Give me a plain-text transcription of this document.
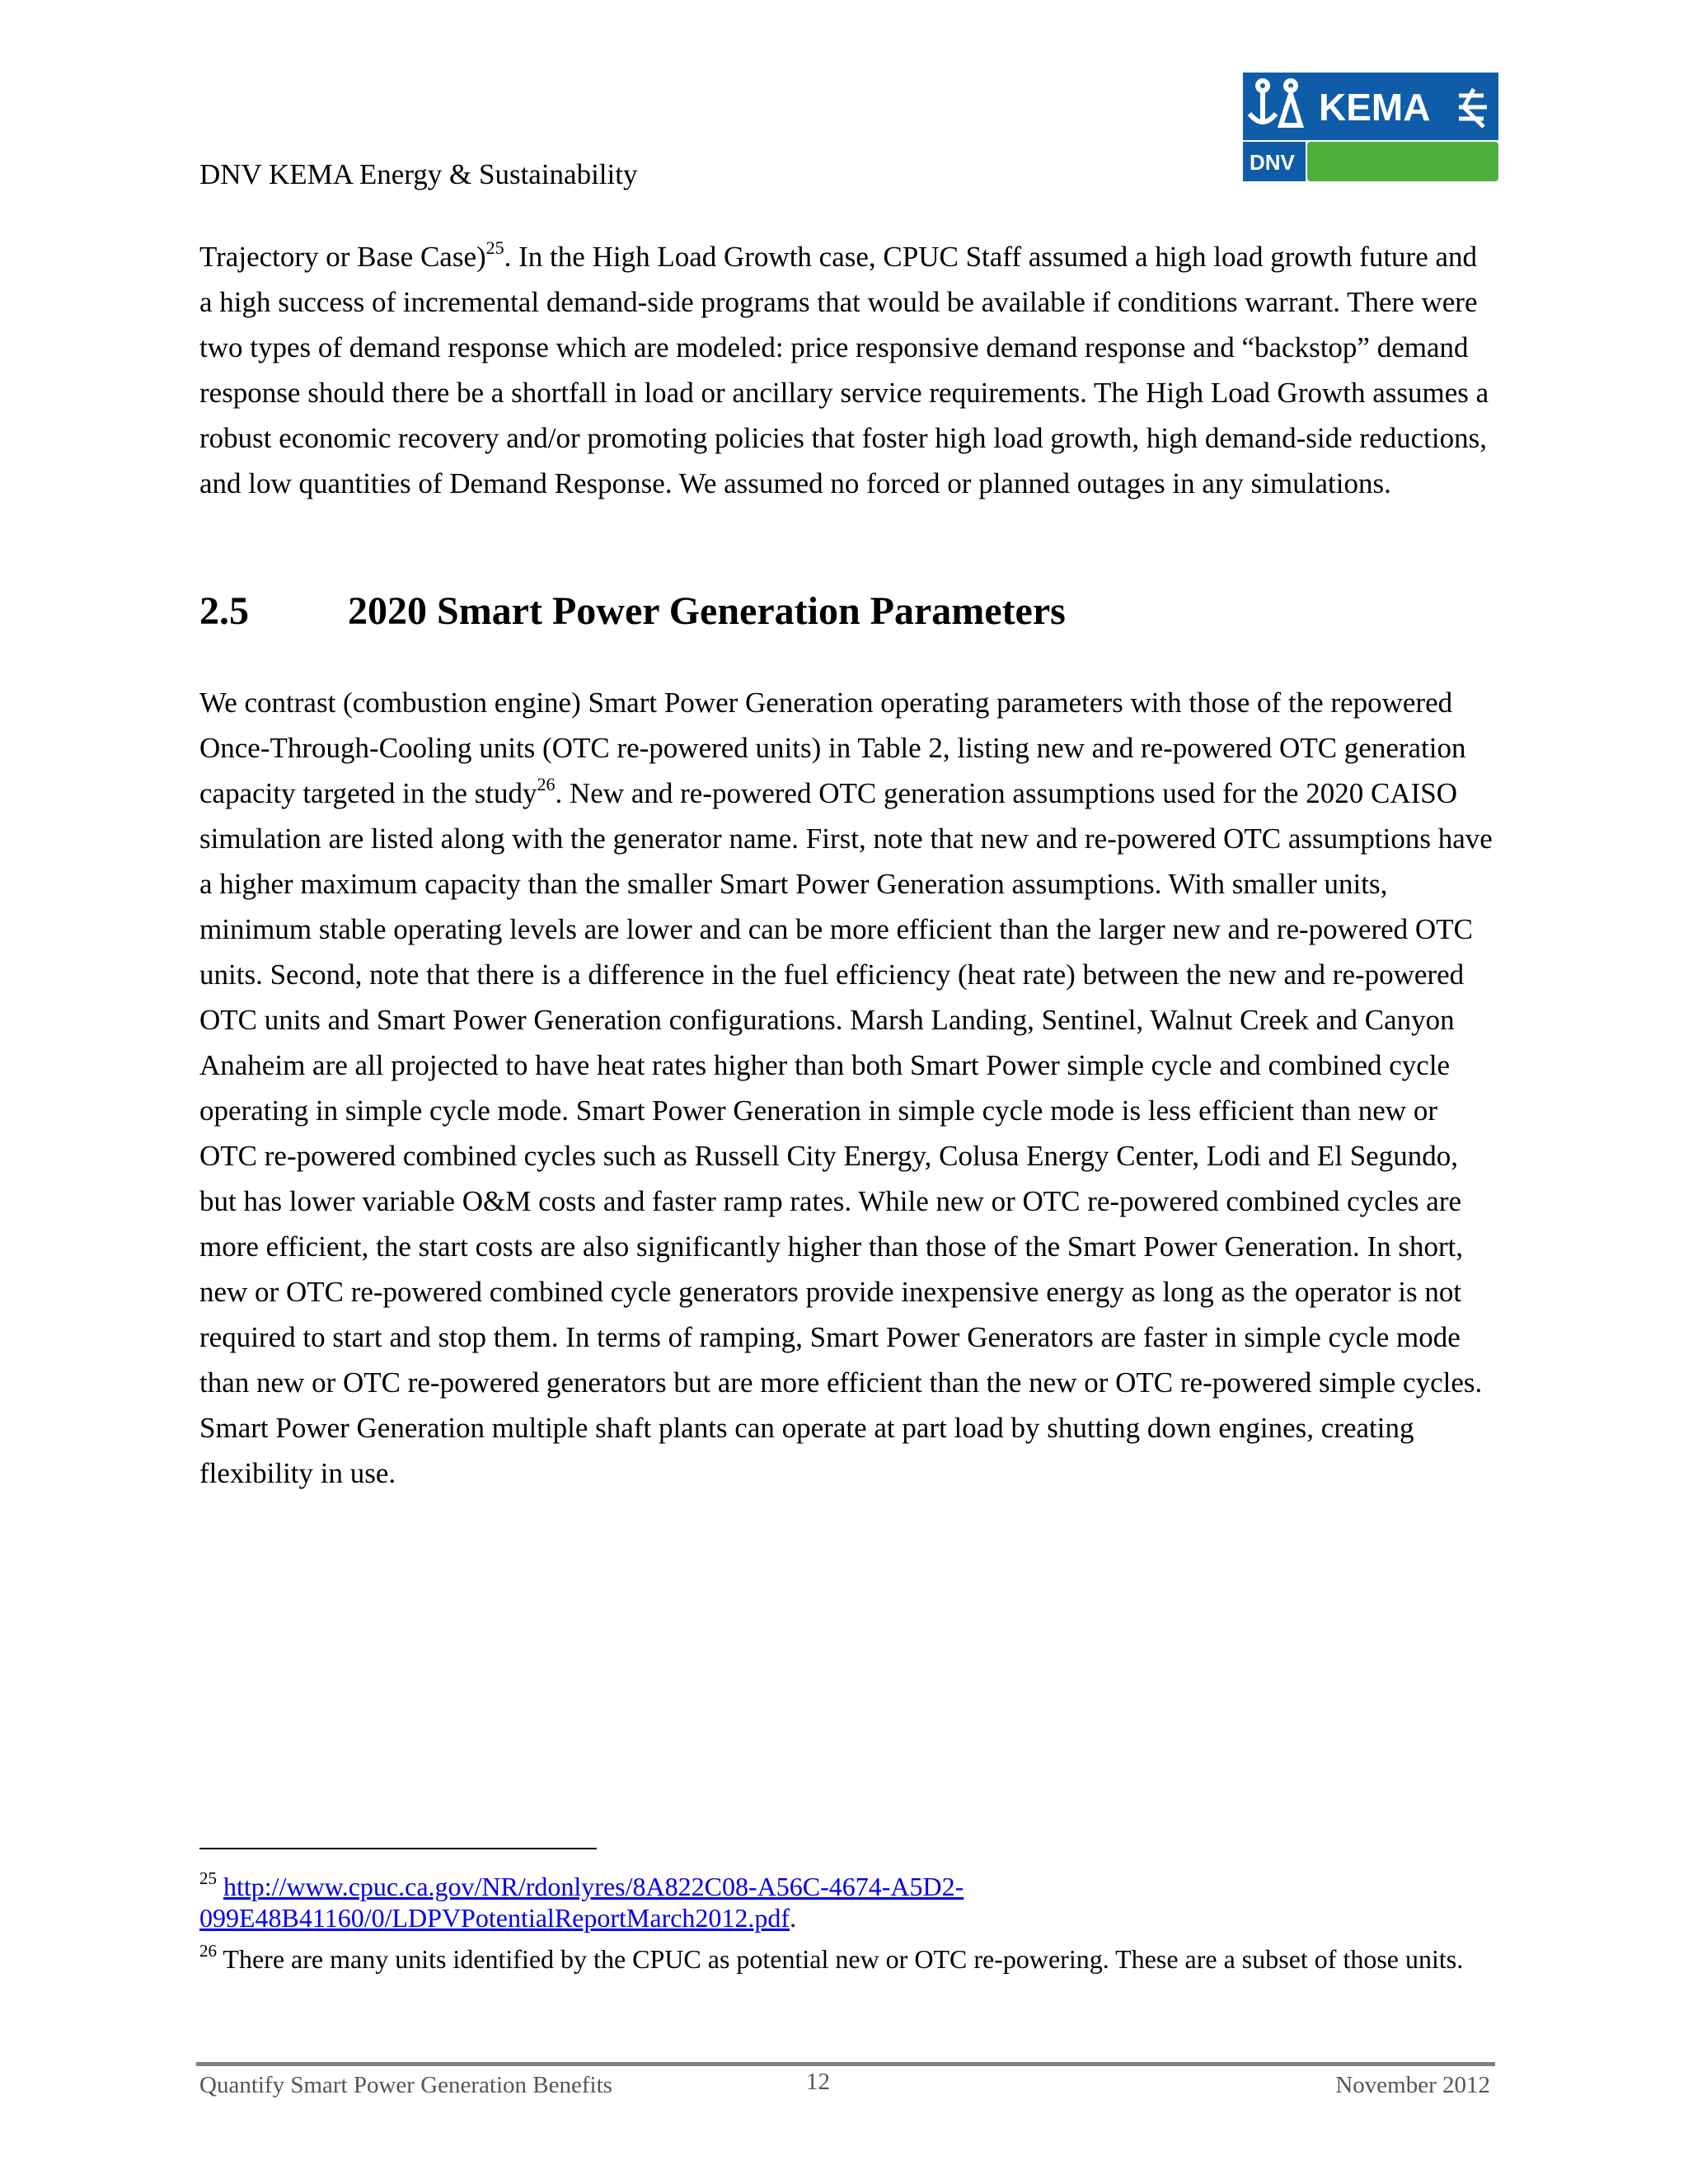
DNV KEMA Energy & Sustainability
KEMA
DNV

Trajectory or Base Case)$^{25}$. In the High Load Growth case, CPUC Staff assumed a high load growth future and a high success of incremental demand-side programs that would be available if conditions warrant. There were two types of demand response which are modeled: price responsive demand response and “backstop” demand response should there be a shortfall in load or ancillary service requirements. The High Load Growth assumes a robust economic recovery and/or promoting policies that foster high load growth, high demand-side reductions, and low quantities of Demand Response. We assumed no forced or planned outages in any simulations.

2.5	2020 Smart Power Generation Parameters

We contrast (combustion engine) Smart Power Generation operating parameters with those of the repowered Once-Through-Cooling units (OTC re-powered units) in Table 2, listing new and re-powered OTC generation capacity targeted in the study$^{26}$. New and re-powered OTC generation assumptions used for the 2020 CAISO simulation are listed along with the generator name. First, note that new and re-powered OTC assumptions have a higher maximum capacity than the smaller Smart Power Generation assumptions. With smaller units, minimum stable operating levels are lower and can be more efficient than the larger new and re-powered OTC units. Second, note that there is a difference in the fuel efficiency (heat rate) between the new and re-powered OTC units and Smart Power Generation configurations. Marsh Landing, Sentinel, Walnut Creek and Canyon Anaheim are all projected to have heat rates higher than both Smart Power simple cycle and combined cycle operating in simple cycle mode. Smart Power Generation in simple cycle mode is less efficient than new or OTC re-powered combined cycles such as Russell City Energy, Colusa Energy Center, Lodi and El Segundo, but has lower variable O&M costs and faster ramp rates. While new or OTC re-powered combined cycles are more efficient, the start costs are also significantly higher than those of the Smart Power Generation. In short, new or OTC re-powered combined cycle generators provide inexpensive energy as long as the operator is not required to start and stop them. In terms of ramping, Smart Power Generators are faster in simple cycle mode than new or OTC re-powered generators but are more efficient than the new or OTC re-powered simple cycles. Smart Power Generation multiple shaft plants can operate at part load by shutting down engines, creating flexibility in use.

$^{25}$ http://www.cpuc.ca.gov/NR/rdonlyres/8A822C08-A56C-4674-A5D2-099E48B41160/0/LDPVPotentialReportMarch2012.pdf.

$^{26}$ There are many units identified by the CPUC as potential new or OTC re-powering. These are a subset of those units.

Quantify Smart Power Generation Benefits	12	November 2012
